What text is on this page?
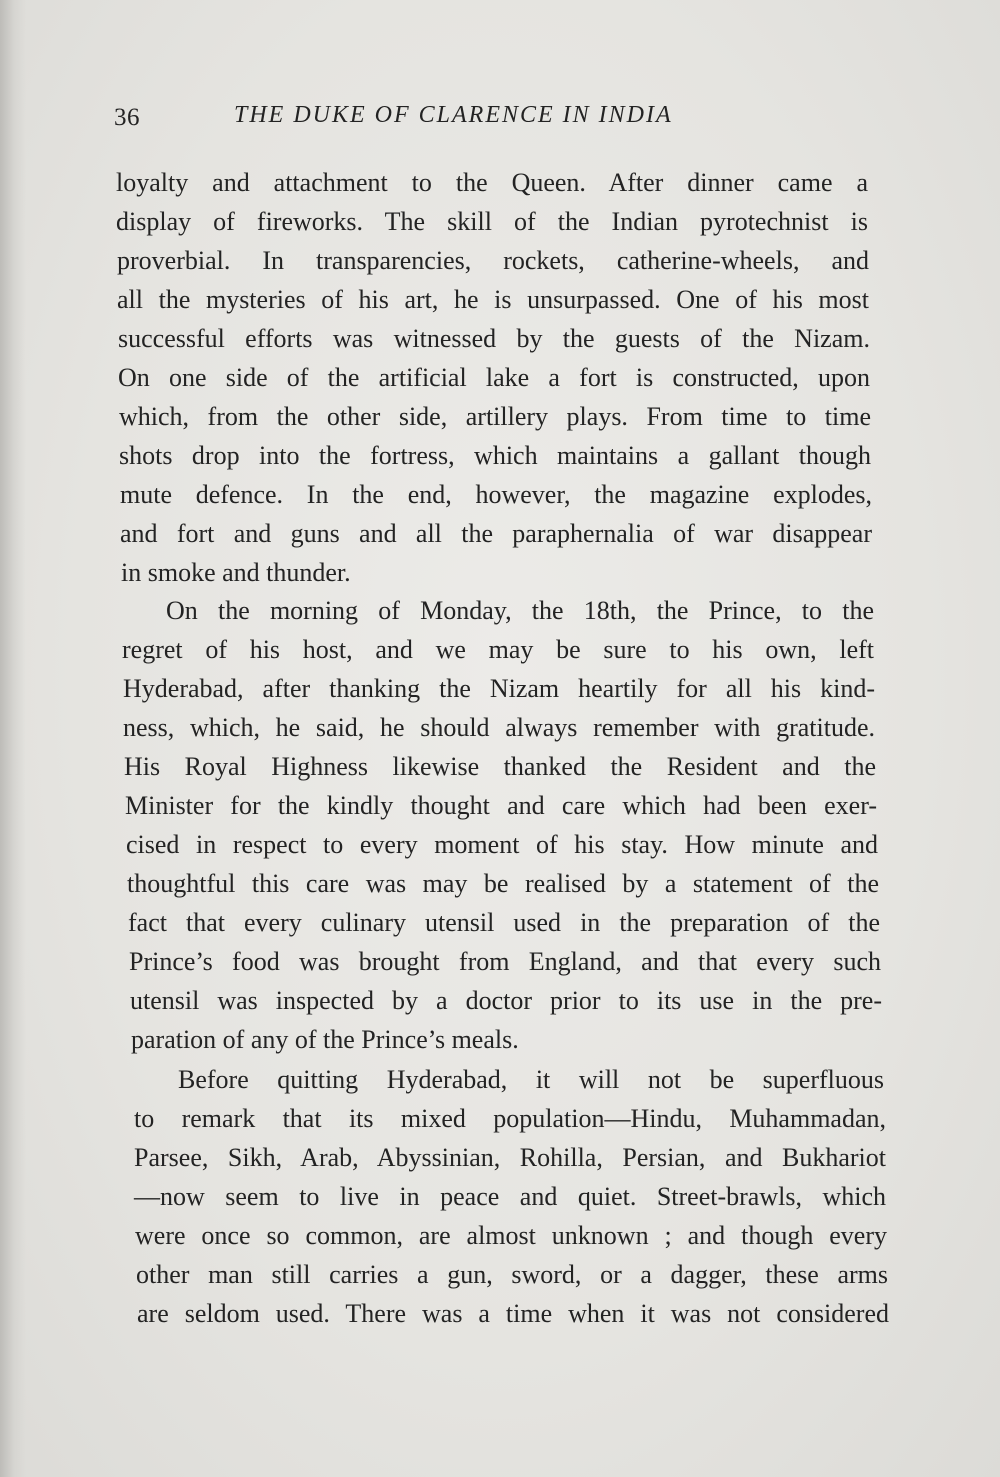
36	THE DUKE OF CLARENCE IN INDIA
loyalty and attachment to the Queen. After dinner came a
display of fireworks. The skill of the Indian pyrotechnist is
proverbial. In transparencies, rockets, catherine-wheels, and
all the mysteries of his art, he is unsurpassed. One of his most
successful efforts was witnessed by the guests of the Nizam.
On one side of the artificial lake a fort is constructed, upon
which, from the other side, artillery plays. From time to time
shots drop into the fortress, which maintains a gallant though
mute defence. In the end, however, the magazine explodes,
and fort and guns and all the paraphernalia of war disappear
in smoke and thunder.
On the morning of Monday, the 18th, the Prince, to the
regret of his host, and we may be sure to his own, left
Hyderabad, after thanking the Nizam heartily for all his kind-
ness, which, he said, he should always remember with gratitude.
His Royal Highness likewise thanked the Resident and the
Minister for the kindly thought and care which had been exer-
cised in respect to every moment of his stay. How minute and
thoughtful this care was may be realised by a statement of the
fact that every culinary utensil used in the preparation of the
Prince’s food was brought from England, and that every such
utensil was inspected by a doctor prior to its use in the pre-
paration of any of the Prince’s meals.
Before quitting Hyderabad, it will not be superfluous
to remark that its mixed population—Hindu, Muhammadan,
Parsee, Sikh, Arab, Abyssinian, Rohilla, Persian, and Bukhariot
—now seem to live in peace and quiet. Street-brawls, which
were once so common, are almost unknown ; and though every
other man still carries a gun, sword, or a dagger, these arms
are seldom used. There was a time when it was not considered
